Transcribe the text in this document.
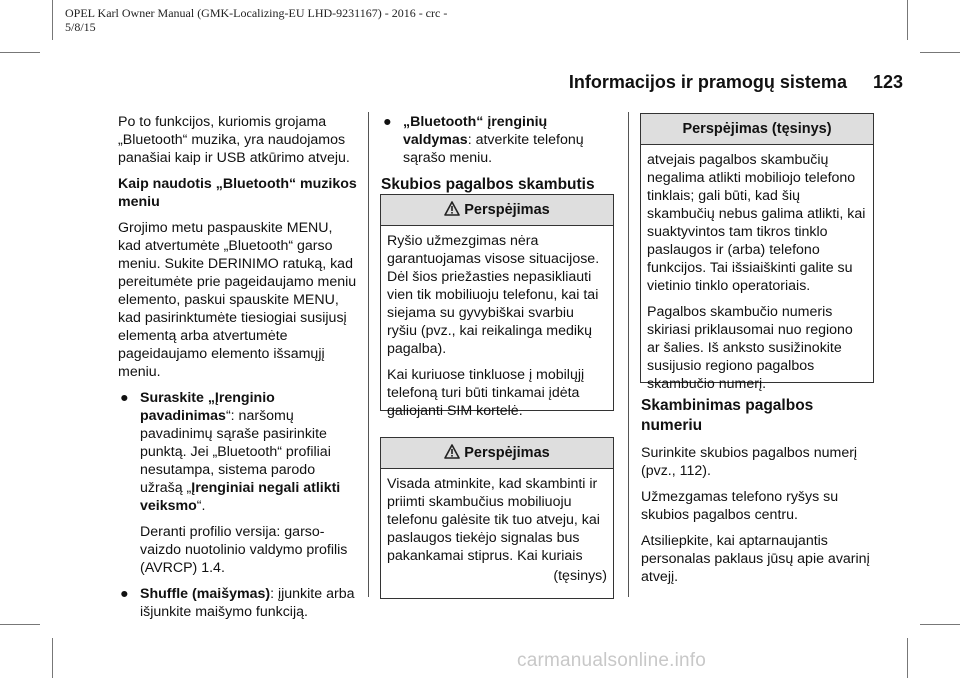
OPEL Karl Owner Manual (GMK-Localizing-EU LHD-9231167) - 2016 - crc -
5/8/15
Informacijos ir pramogų sistema 123

Po to funkcijos, kuriomis grojama „Bluetooth“ muzika, yra naudojamos panašiai kaip ir USB atkūrimo atveju.

Kaip naudotis „Bluetooth“ muzikos meniu

Grojimo metu paspauskite MENU, kad atvertumėte „Bluetooth“ garso meniu. Sukite DERINIMO ratuką, kad pereitumėte prie pageidaujamo meniu elemento, paskui spauskite MENU, kad pasirinktumėte tiesiogiai susijusį elementą arba atvertumėte pageidaujamo elemento išsamųjį meniu.

● Suraskite „Įrenginio pavadinimas“: naršomų pavadinimų sąraše pasirinkite punktą. Jei „Bluetooth“ profiliai nesutampa, sistema parodo užrašą „Įrenginiai negali atlikti veiksmo“.
Deranti profilio versija: garso-vaizdo nuotolinio valdymo profilis (AVRCP) 1.4.
● Shuffle (maišymas): įjunkite arba išjunkite maišymo funkciją.
● „Bluetooth“ įrenginių valdymas: atverkite telefonų sąrašo meniu.
Skubios pagalbos skambutis
Perspėjimas

Ryšio užmezgimas nėra garantuojamas visose situacijose. Dėl šios priežasties nepasikliauti vien tik mobiliuoju telefonu, kai tai siejama su gyvybiškai svarbiu ryšiu (pvz., kai reikalinga medikų pagalba).

Kai kuriuose tinkluose į mobilųjį telefoną turi būti tinkamai įdėta galiojanti SIM kortelė.

Perspėjimas

Visada atminkite, kad skambinti ir priimti skambučius mobiliuoju telefonu galėsite tik tuo atveju, kai paslaugos tiekėjo signalas bus pakankamai stiprus. Kai kuriais

(tęsinys)
Perspėjimas (tęsinys)

atvejais pagalbos skambučių negalima atlikti mobiliojo telefono tinklais; gali būti, kad šių skambučių nebus galima atlikti, kai suaktyvintos tam tikros tinklo paslaugos ir (arba) telefono funkcijos. Tai išsiaiškinti galite su vietinio tinklo operatoriais.

Pagalbos skambučio numeris skiriasi priklausomai nuo regiono ar šalies. Iš anksto susižinokite susijusio regiono pagalbos skambučio numerį.

Skambinimas pagalbos numeriu

Surinkite skubios pagalbos numerį (pvz., 112).

Užmezgamas telefono ryšys su skubios pagalbos centru.

Atsiliepkite, kai aptarnaujantis personalas paklaus jūsų apie avarinį atvejį.

carmanualsonline.info
